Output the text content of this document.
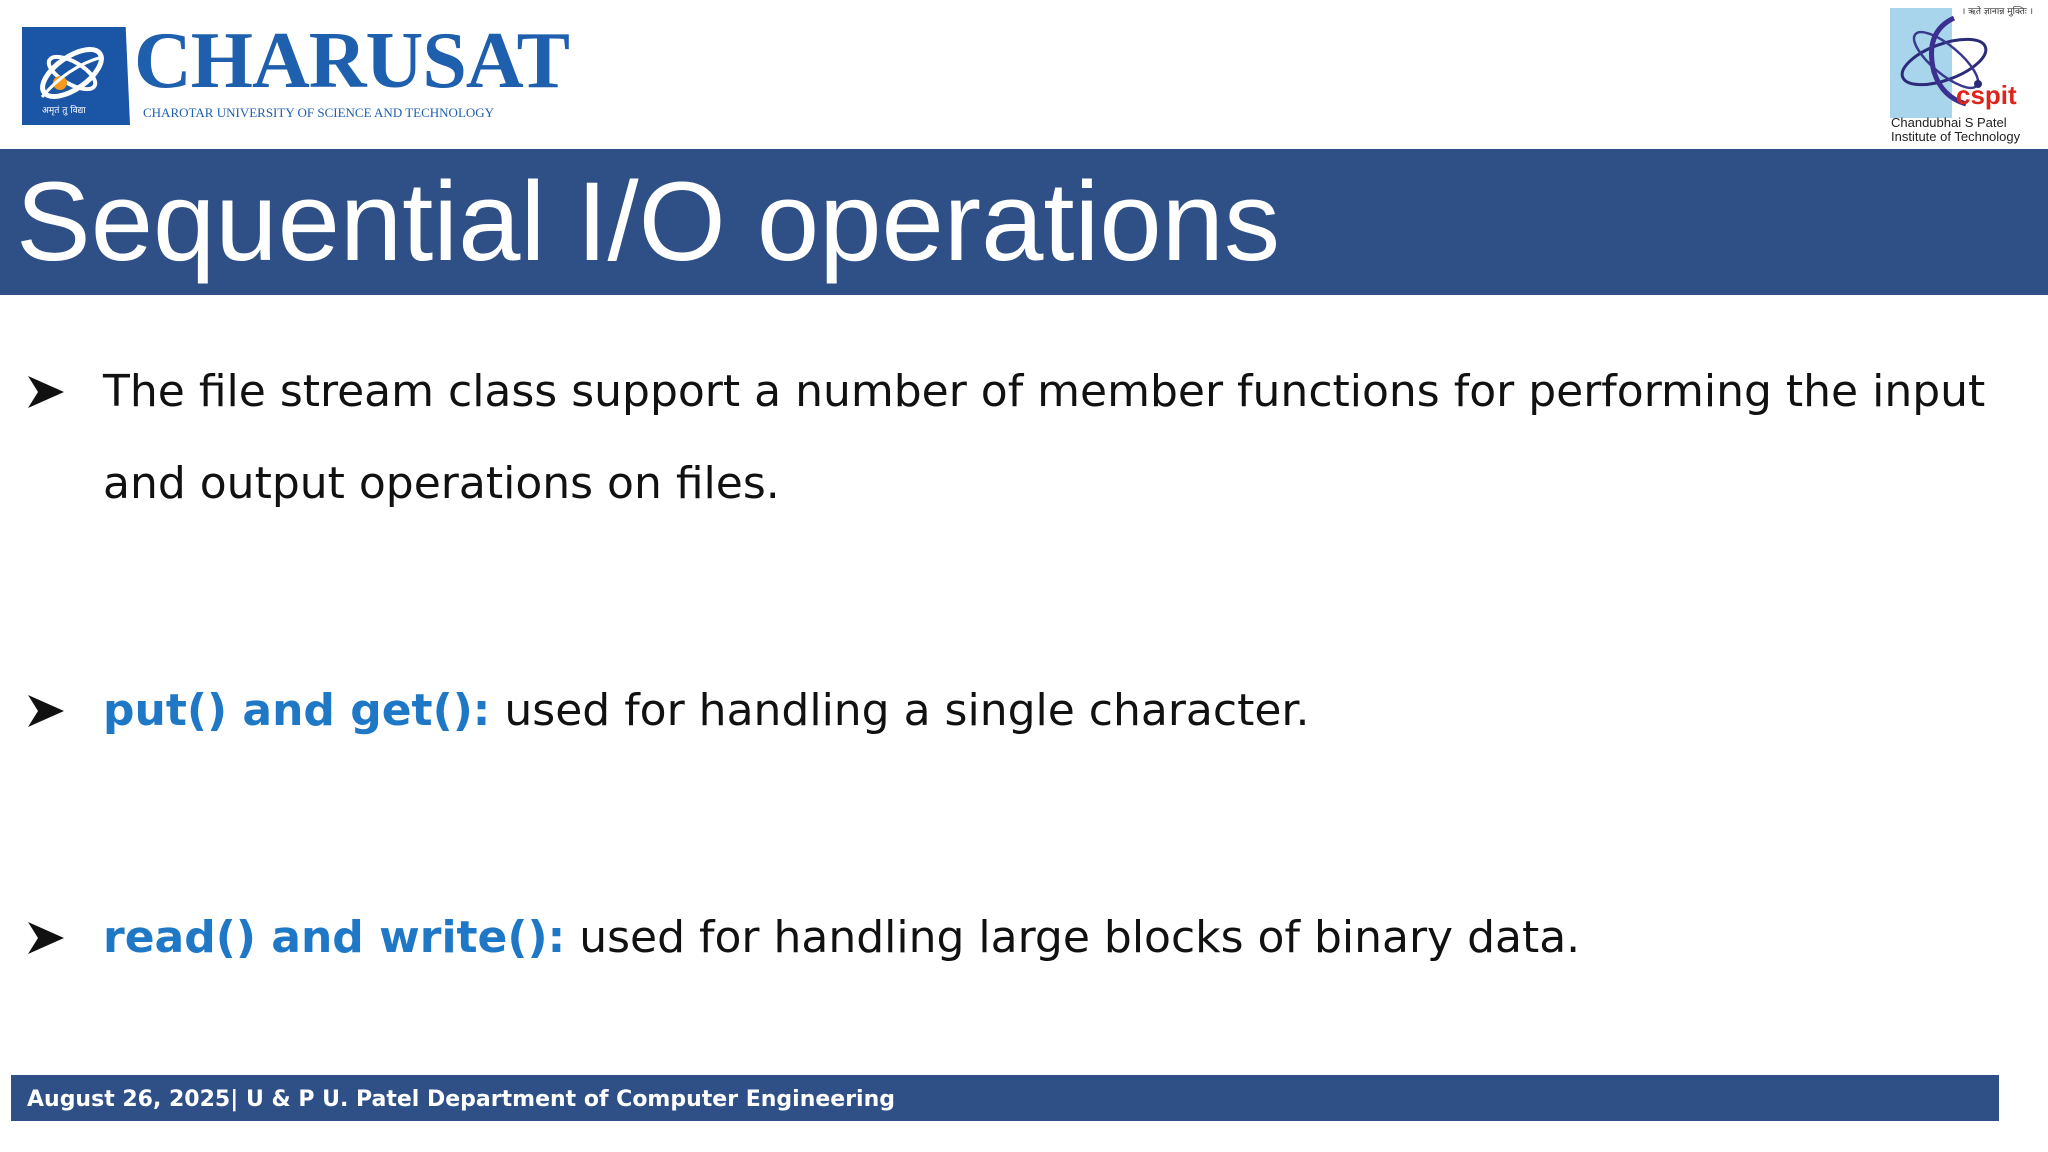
अमृतं तु विद्या
CHARUSAT
CHAROTAR UNIVERSITY OF SCIENCE AND TECHNOLOGY
। ऋते ज्ञानान्न मुक्तिः ।
cspit
Chandubhai S Patel
Institute of Technology
Sequential I/O operations
The file stream class support a number of member functions for performing the input and output operations on files.
put() and get(): used for handling a single character.
read() and write(): used for handling large blocks of binary data.
August 26, 2025| U & P U. Patel Department of Computer Engineering
